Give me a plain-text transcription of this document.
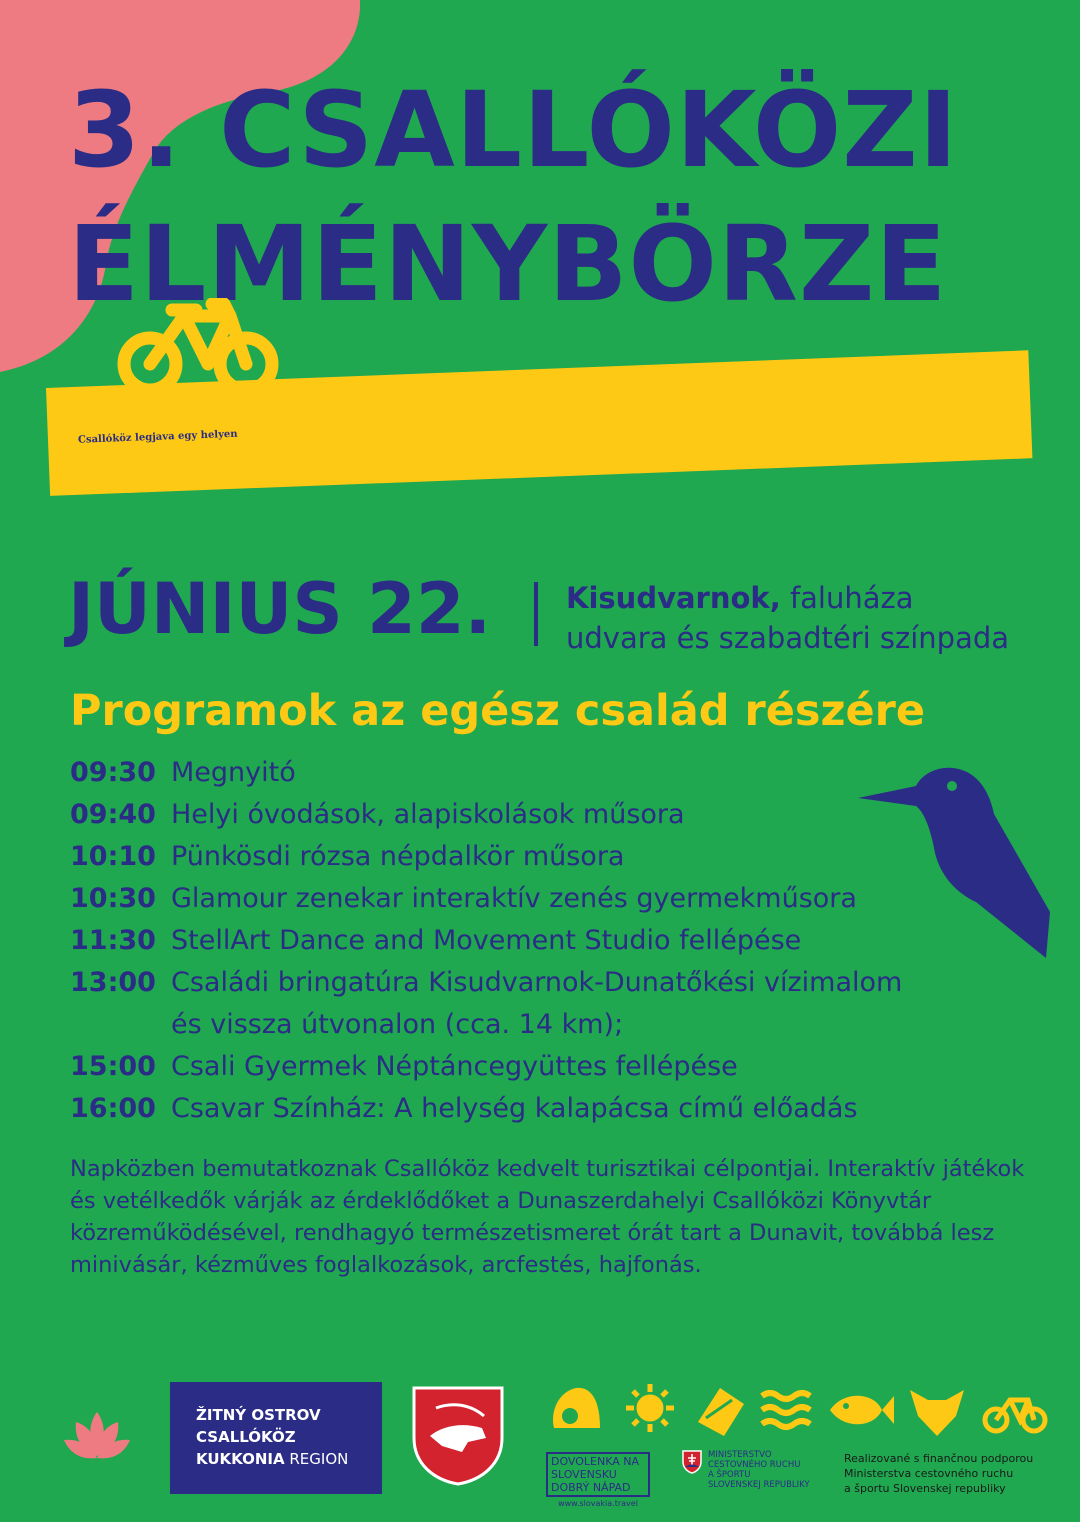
3. CSALLÓKÖZI
ÉLMÉNYBÖRZE
Csallóköz legjava egy helyen
JÚNIUS 22.	Kisudvarnok, faluháza
udvara és szabadtéri színpada
Programok az egész család részére
09:30 Megnyitó
09:40 Helyi óvodások, alapiskolások műsora
10:10 Pünkösdi rózsa népdalkör műsora
10:30 Glamour zenekar interaktív zenés gyermekműsora
11:30 StellArt Dance and Movement Studio fellépése
13:00 Családi bringatúra Kisudvarnok-Dunatőkési vízimalom
és vissza útvonalon (cca. 14 km);
15:00 Csali Gyermek Néptáncegyüttes fellépése
16:00 Csavar Színház: A helység kalapácsa című előadás
Napközben bemutatkoznak Csallóköz kedvelt turisztikai célpontjai. Interaktív játékok és vetélkedők várják az érdeklődőket a Dunaszerdahelyi Csallóközi Könyvtár közreműködésével, rendhagyó természetismeret órát tart a Dunavit, továbbá lesz minivásár, kézműves foglalkozások, arcfestés, hajfonás.
ŽITNÝ OSTROV
CSALLÓKÖZ
KUKKONIA REGION	DOVOLENKA NA
SLOVENSKU
DOBRÝ NÁPAD
www.slovakia.travel
MINISTERSTVO
CESTOVNÉHO RUCHU
A ŠPORTU
SLOVENSKEJ REPUBLIKY
Realizované s finančnou podporou
Ministerstva cestovného ruchu
a športu Slovenskej republiky
